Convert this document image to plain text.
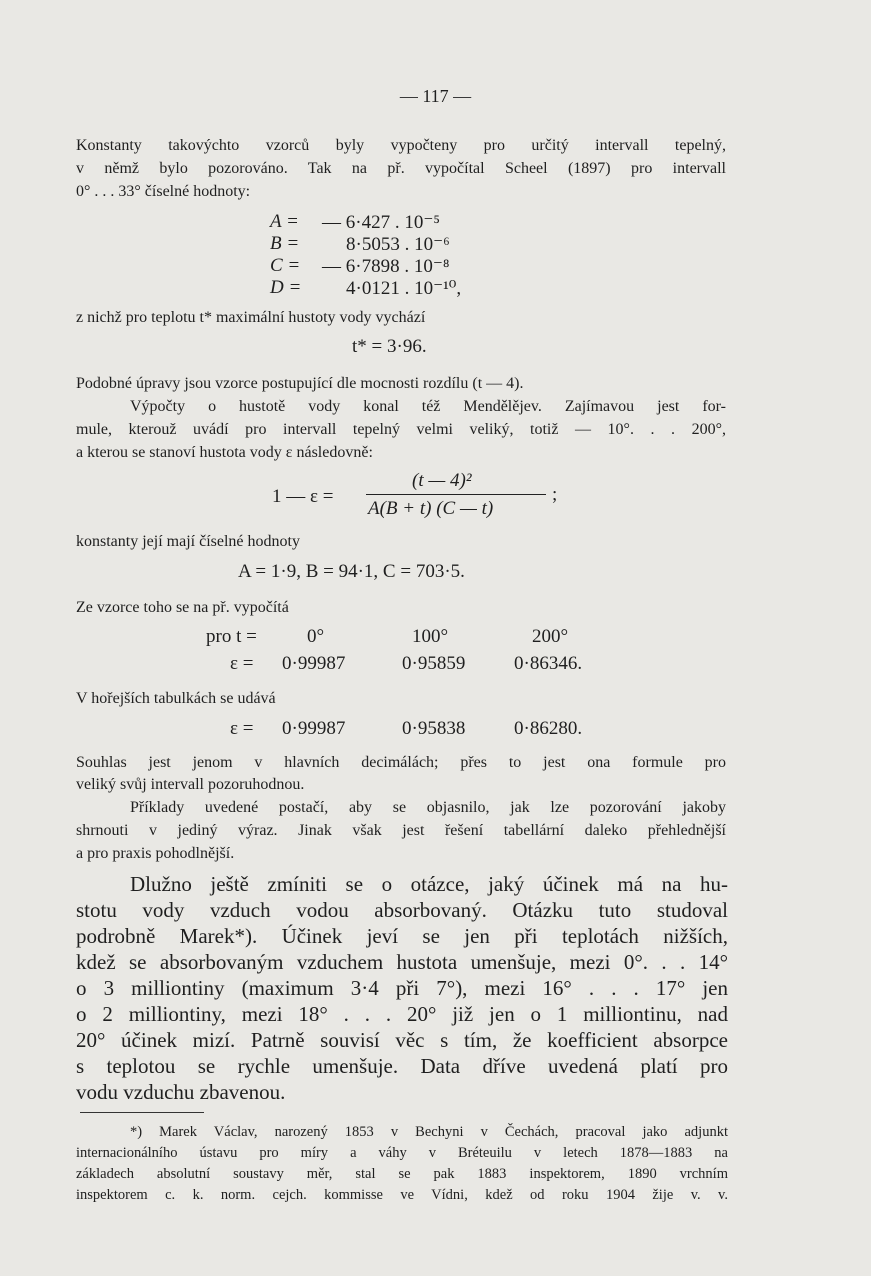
— 117 —
Konstanty takovýchto vzorců byly vypočteny pro určitý intervall tepelný,
v němž bylo pozorováno. Tak na př. vypočítal Scheel (1897) pro intervall
0° . . . 33° číselné hodnoty:
A = — 6·427 . 10⁻⁵
B = 8·5053 . 10⁻⁶
C = — 6·7898 . 10⁻⁸
D = 4·0121 . 10⁻¹⁰,
z nichž pro teplotu t* maximální hustoty vody vychází
t* = 3·96.
Podobné úpravy jsou vzorce postupující dle mocnosti rozdílu (t — 4).
Výpočty o hustotě vody konal též Mendělějev. Zajímavou jest for-
mule, kterouž uvádí pro intervall tepelný velmi veliký, totiž — 10°. . . 200°,
a kterou se stanoví hustota vody ε následovně:
1 — ε =
(t — 4)²
A(B + t) (C — t)
;
konstanty její mají číselné hodnoty
A = 1·9, B = 94·1, C = 703·5.
Ze vzorce toho se na př. vypočítá
pro t =	0°	100°	200°
ε = 0·99987	0·95859	0·86346.
V hořejších tabulkách se udává
ε = 0·99987	0·95838	0·86280.
Souhlas jest jenom v hlavních decimálách; přes to jest ona formule pro
veliký svůj intervall pozoruhodnou.
Příklady uvedené postačí, aby se objasnilo, jak lze pozorování jakoby
shrnouti v jediný výraz. Jinak však jest řešení tabellární daleko přehlednější
a pro praxis pohodlnější.
Dlužno ještě zmíniti se o otázce, jaký účinek má na hu-
stotu vody vzduch vodou absorbovaný. Otázku tuto studoval
podrobně Marek*). Účinek jeví se jen při teplotách nižších,
kdež se absorbovaným vzduchem hustota umenšuje, mezi 0°. . . 14°
o 3 milliontiny (maximum 3·4 při 7°), mezi 16° . . . 17° jen
o 2 milliontiny, mezi 18° . . . 20° již jen o 1 milliontinu, nad
20° účinek mizí. Patrně souvisí věc s tím, že koefficient absorpce
s teplotou se rychle umenšuje. Data dříve uvedená platí pro
vodu vzduchu zbavenou.
*) Marek Václav, narozený 1853 v Bechyni v Čechách, pracoval jako adjunkt
internacionálního ústavu pro míry a váhy v Bréteuilu v letech 1878—1883 na
základech absolutní soustavy měr, stal se pak 1883 inspektorem, 1890 vrchním
inspektorem c. k. norm. cejch. kommisse ve Vídni, kdež od roku 1904 žije v. v.
